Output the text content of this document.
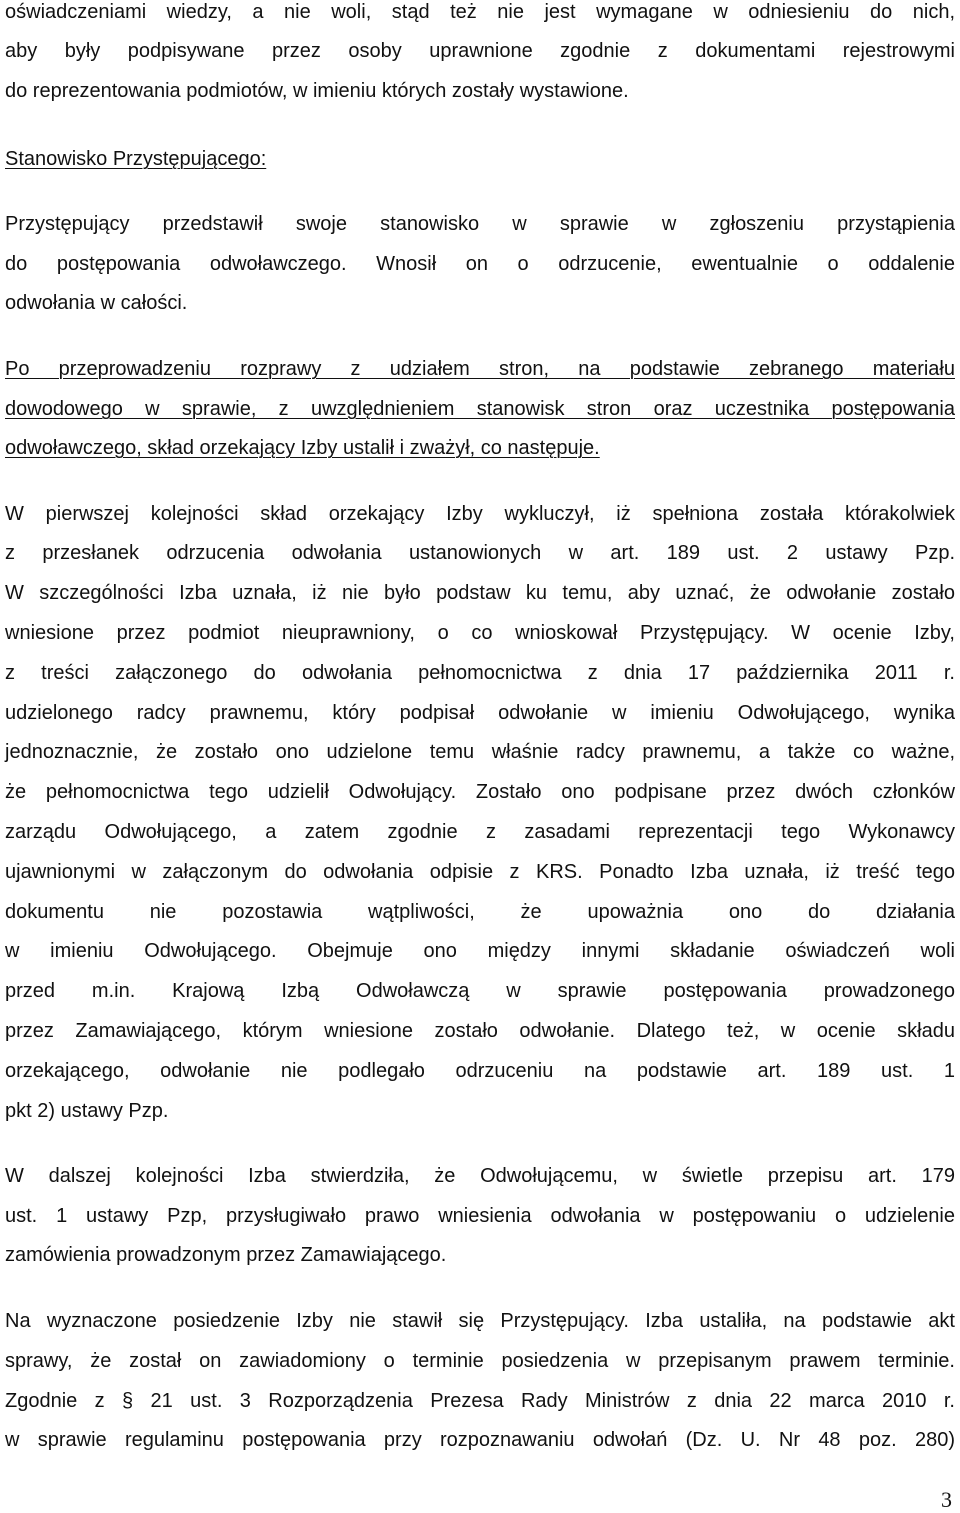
oświadczeniami wiedzy, a nie woli, stąd też nie jest wymagane w odniesieniu do nich,
aby były podpisywane przez osoby uprawnione zgodnie z dokumentami rejestrowymi
do reprezentowania podmiotów, w imieniu których zostały wystawione.
Stanowisko Przystępującego:
Przystępujący przedstawił swoje stanowisko w sprawie w zgłoszeniu przystąpienia
do postępowania odwoławczego. Wnosił on o odrzucenie, ewentualnie o oddalenie
odwołania w całości.
Po przeprowadzeniu rozprawy z udziałem stron, na podstawie zebranego materiału
dowodowego w sprawie, z uwzględnieniem stanowisk stron oraz uczestnika postępowania
odwoławczego, skład orzekający Izby ustalił i zważył, co następuje.
W pierwszej kolejności skład orzekający Izby wykluczył, iż spełniona została którakolwiek
z przesłanek odrzucenia odwołania ustanowionych w art. 189 ust. 2 ustawy Pzp.
W szczególności Izba uznała, iż nie było podstaw ku temu, aby uznać, że odwołanie zostało
wniesione przez podmiot nieuprawniony, o co wnioskował Przystępujący. W ocenie Izby,
z treści załączonego do odwołania pełnomocnictwa z dnia 17 października 2011 r.
udzielonego radcy prawnemu, który podpisał odwołanie w imieniu Odwołującego, wynika
jednoznacznie, że zostało ono udzielone temu właśnie radcy prawnemu, a także co ważne,
że pełnomocnictwa tego udzielił Odwołujący. Zostało ono podpisane przez dwóch członków
zarządu Odwołującego, a zatem zgodnie z zasadami reprezentacji tego Wykonawcy
ujawnionymi w załączonym do odwołania odpisie z KRS. Ponadto Izba uznała, iż treść tego
dokumentu nie pozostawia wątpliwości, że upoważnia ono do działania
w imieniu Odwołującego. Obejmuje ono między innymi składanie oświadczeń woli
przed m.in. Krajową Izbą Odwoławczą w sprawie postępowania prowadzonego
przez Zamawiającego, którym wniesione zostało odwołanie. Dlatego też, w ocenie składu
orzekającego, odwołanie nie podlegało odrzuceniu na podstawie art. 189 ust. 1
pkt 2) ustawy Pzp.
W dalszej kolejności Izba stwierdziła, że Odwołującemu, w świetle przepisu art. 179
ust. 1 ustawy Pzp, przysługiwało prawo wniesienia odwołania w postępowaniu o udzielenie
zamówienia prowadzonym przez Zamawiającego.
Na wyznaczone posiedzenie Izby nie stawił się Przystępujący. Izba ustaliła, na podstawie akt
sprawy, że został on zawiadomiony o terminie posiedzenia w przepisanym prawem terminie.
Zgodnie z § 21 ust. 3 Rozporządzenia Prezesa Rady Ministrów z dnia 22 marca 2010 r.
w sprawie regulaminu postępowania przy rozpoznawaniu odwołań (Dz. U. Nr 48 poz. 280)
3
